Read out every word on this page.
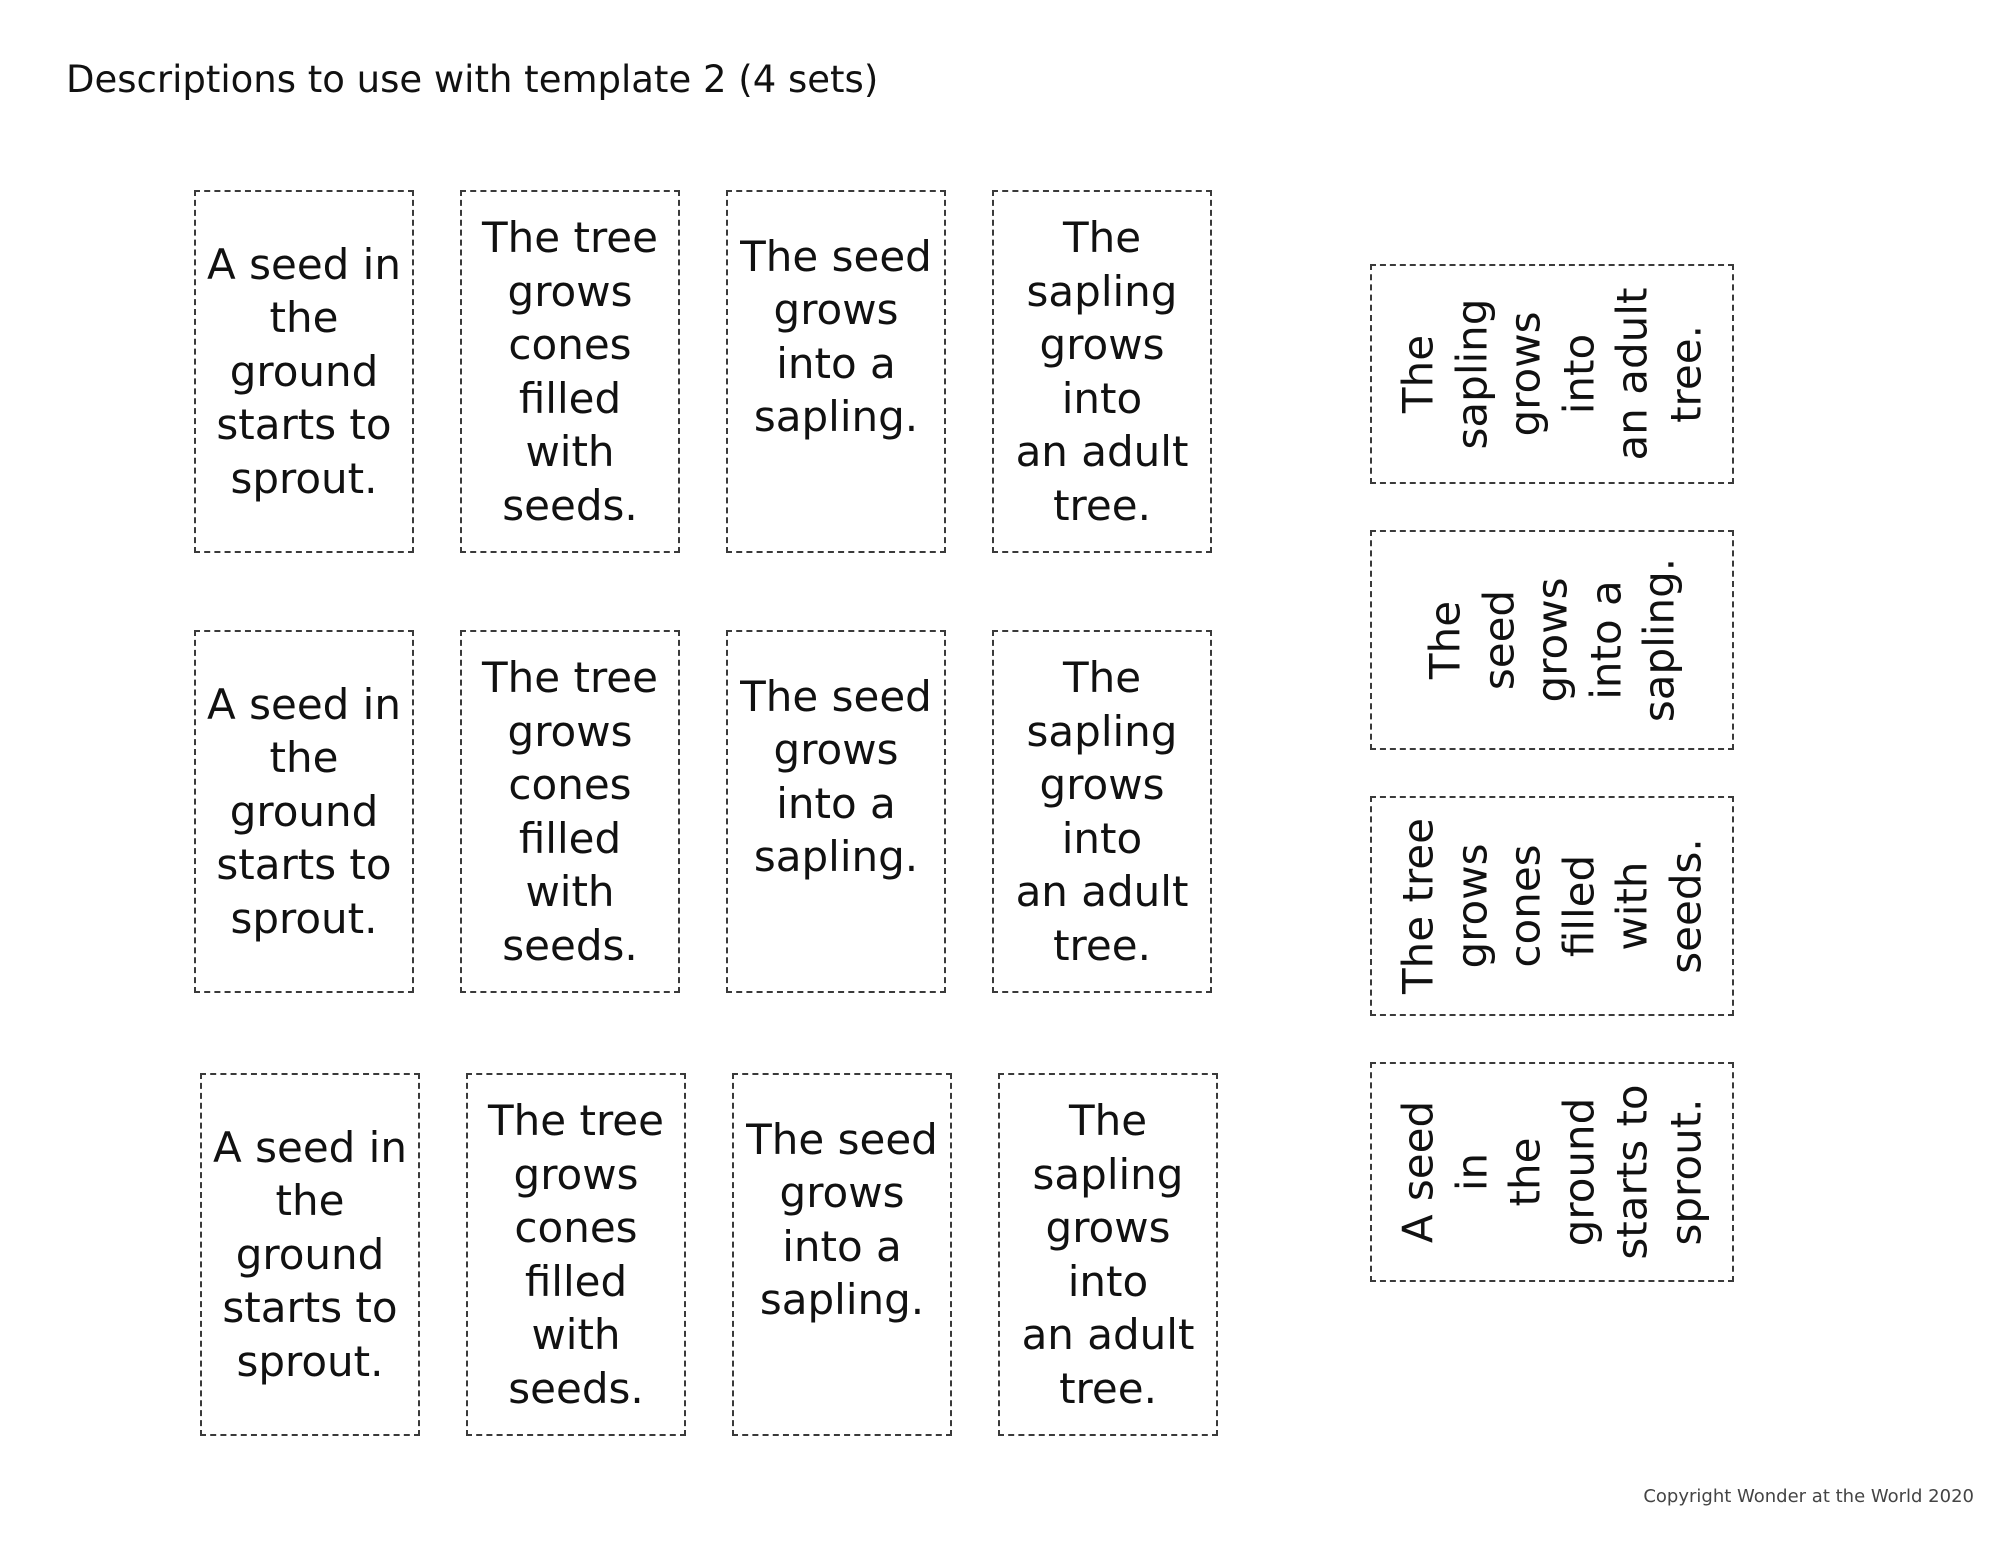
Descriptions to use with template 2 (4 sets)
A seed in
the
ground
starts to
sprout.
The tree
grows
cones
filled
with
seeds.
The seed
grows
into a
sapling.
The
sapling
grows
into
an adult
tree.
A seed in
the
ground
starts to
sprout.
The tree
grows
cones
filled
with
seeds.
The seed
grows
into a
sapling.
The
sapling
grows
into
an adult
tree.
A seed in
the
ground
starts to
sprout.
The tree
grows
cones
filled
with
seeds.
The seed
grows
into a
sapling.
The
sapling
grows
into
an adult
tree.
The
sapling
grows
into
an adult
tree.
The seed
grows
into a
sapling.
The tree
grows
cones
filled
with
seeds.
A seed in
the
ground
starts to
sprout.
Copyright Wonder at the World 2020
